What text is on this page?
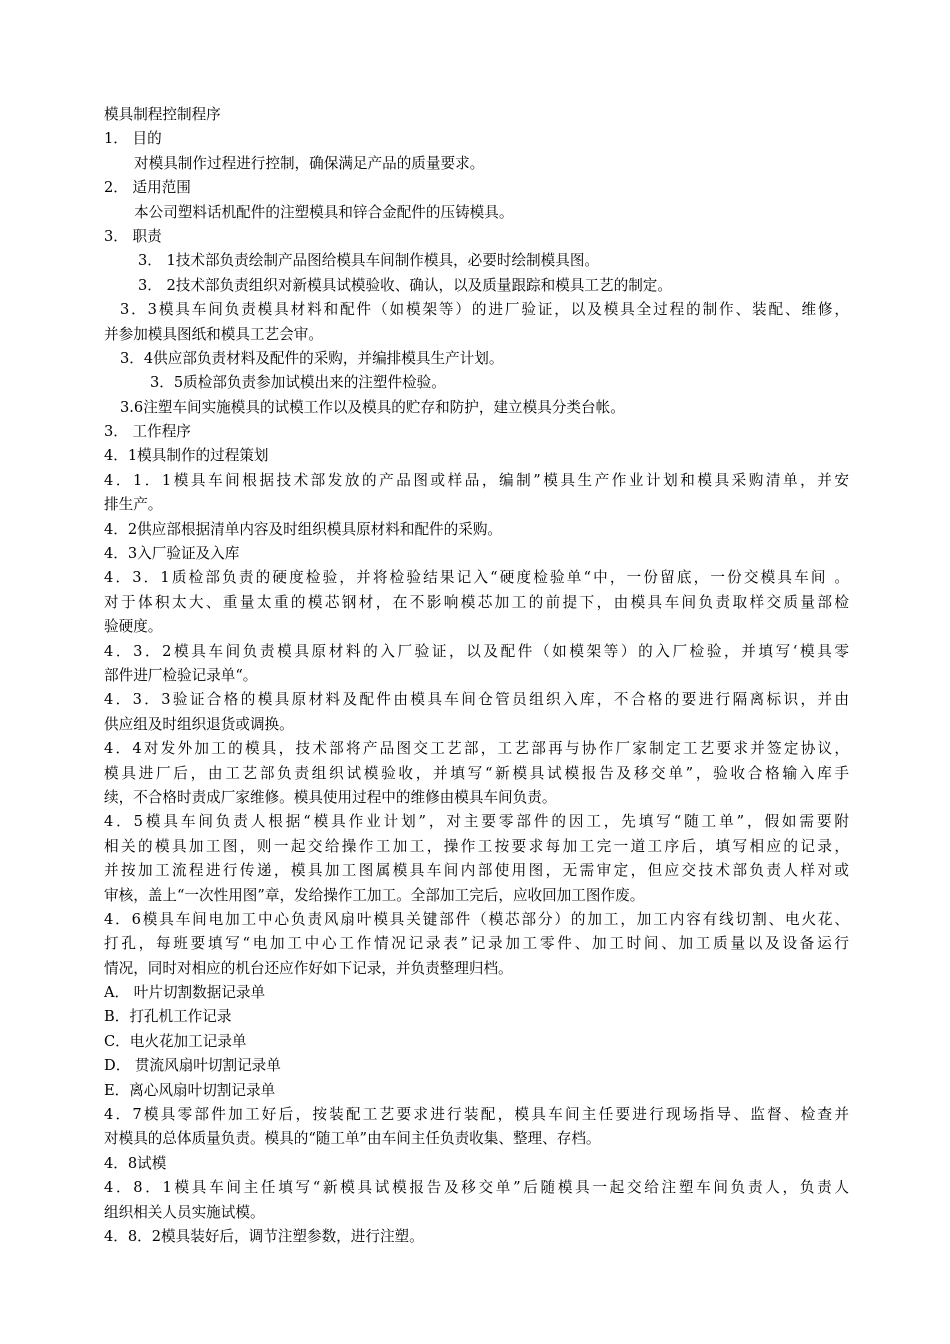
模具制程控制程序
1． 目的
对模具制作过程进行控制，确保满足产品的质量要求。
2． 适用范围
本公司塑料话机配件的注塑模具和锌合金配件的压铸模具。
3． 职责
3． 1技术部负责绘制产品图给模具车间制作模具，必要时绘制模具图。
3． 2技术部负责组织对新模具试模验收、确认，以及质量跟踪和模具工艺的制定。
3．3模具车间负责模具材料和配件（如模架等）的进厂验证，以及模具全过程的制作、装配、维修，
并参加模具图纸和模具工艺会审。
3．4供应部负责材料及配件的采购，并编排模具生产计划。
3．5质检部负责参加试模出来的注塑件检验。
3.6注塑车间实施模具的试模工作以及模具的贮存和防护，建立模具分类台帐。
3． 工作程序
4．1模具制作的过程策划
4．1．1模具车间根据技术部发放的产品图或样品，编制”模具生产作业计划和模具采购清单，并安
排生产。
4．2供应部根据清单内容及时组织模具原材料和配件的采购。
4．3入厂验证及入库
4．3．1质检部负责的硬度检验，并将检验结果记入“硬度检验单“中，一份留底，一份交模具车间 。
对于体积太大、重量太重的模芯钢材，在不影响模芯加工的前提下，由模具车间负责取样交质量部检
验硬度。
4．3．2模具车间负责模具原材料的入厂验证，以及配件（如模架等）的入厂检验，并填写‘模具零
部件进厂检验记录单“。
4．3．3验证合格的模具原材料及配件由模具车间仓管员组织入库，不合格的要进行隔离标识，并由
供应组及时组织退货或调换。
4．4对发外加工的模具，技术部将产品图交工艺部，工艺部再与协作厂家制定工艺要求并签定协议，
模具进厂后，由工艺部负责组织试模验收，并填写“新模具试模报告及移交单”，验收合格输入库手
续，不合格时责成厂家维修。模具使用过程中的维修由模具车间负责。
4．5模具车间负责人根据“模具作业计划”，对主要零部件的因工，先填写“随工单”，假如需要附
相关的模具加工图，则一起交给操作工加工，操作工按要求每加工完一道工序后，填写相应的记录，
并按加工流程进行传递，模具加工图属模具车间内部使用图，无需审定，但应交技术部负责人样对或
审核，盖上“一次性用图”章，发给操作工加工。全部加工完后，应收回加工图作废。
4．6模具车间电加工中心负责风扇叶模具关键部件（模芯部分）的加工，加工内容有线切割、电火花、
打孔，每班要填写“电加工中心工作情况记录表”记录加工零件、加工时间、加工质量以及设备运行
情况，同时对相应的机台还应作好如下记录，并负责整理归档。
A． 叶片切割数据记录单
B．打孔机工作记录
C．电火花加工记录单
D． 贯流风扇叶切割记录单
E．离心风扇叶切割记录单
4．7模具零部件加工好后，按装配工艺要求进行装配，模具车间主任要进行现场指导、监督、检查并
对模具的总体质量负责。模具的“随工单”由车间主任负责收集、整理、存档。
4．8试模
4．8．1模具车间主任填写“新模具试模报告及移交单”后随模具一起交给注塑车间负责人，负责人
组织相关人员实施试模。
4．8．2模具装好后，调节注塑参数，进行注塑。
